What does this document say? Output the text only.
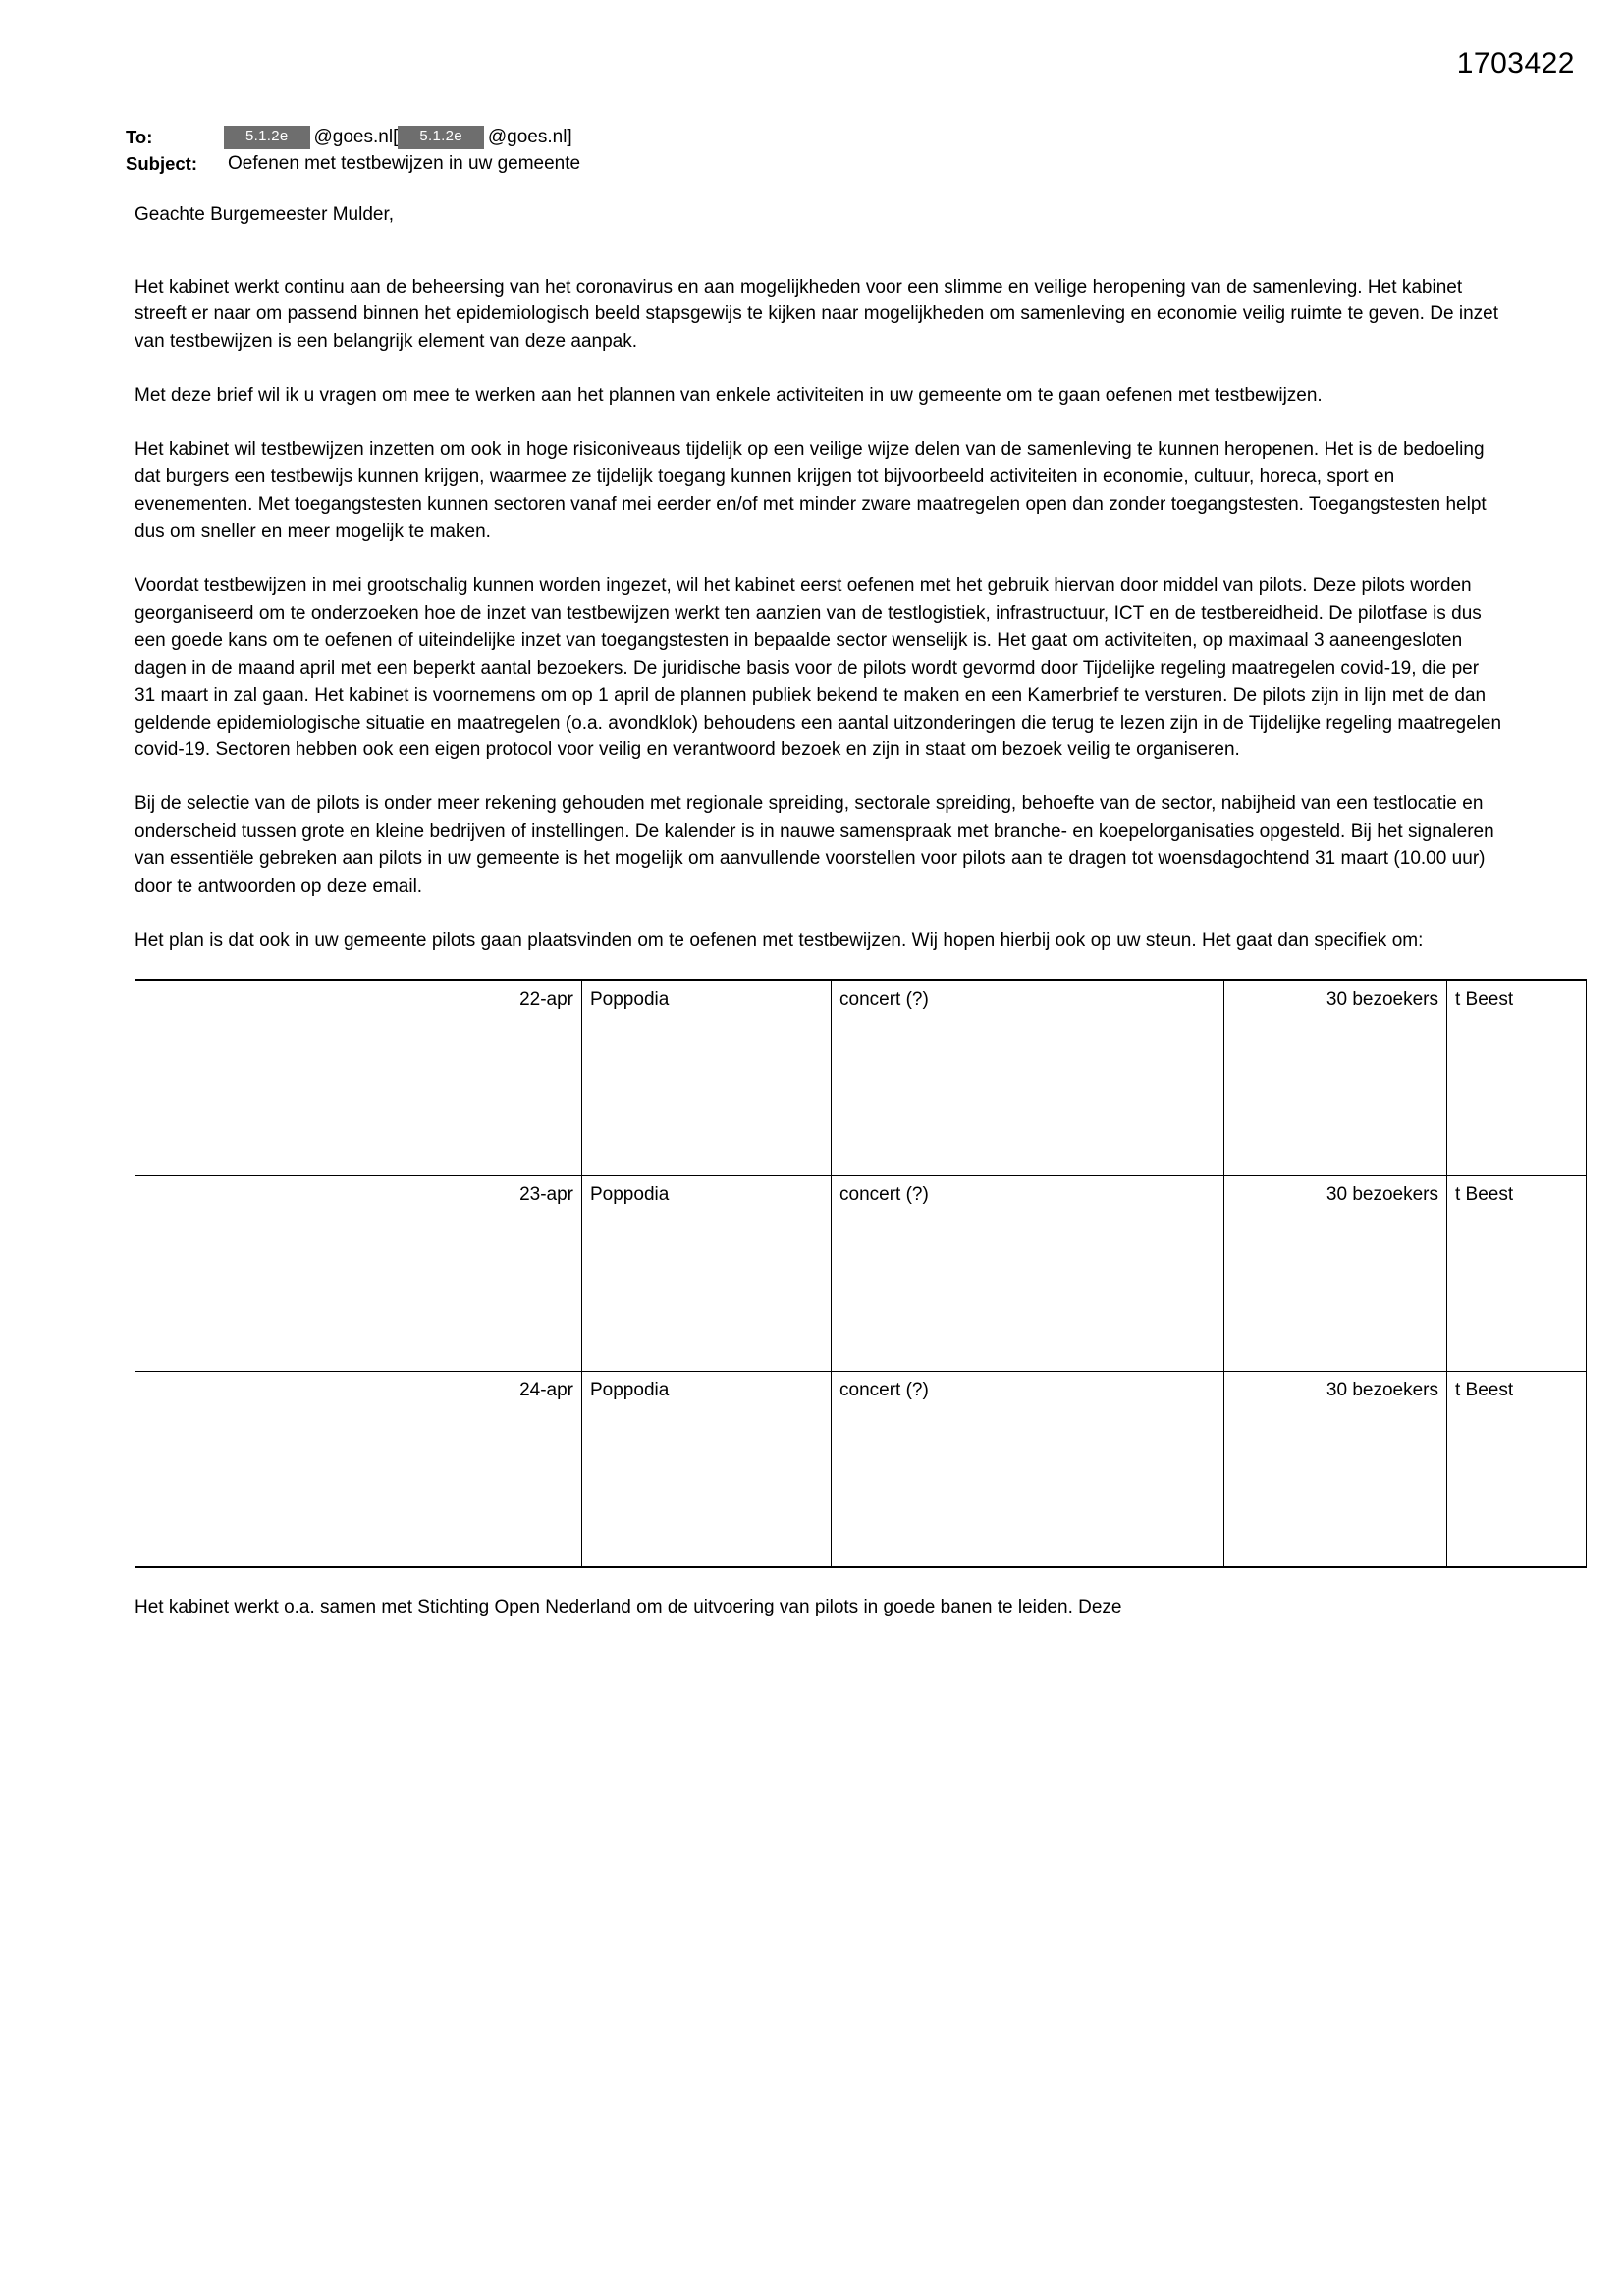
1703422
To:	5.1.2e	@goes.nl[	5.1.2e	@goes.nl]
Subject:	Oefenen met testbewijzen in uw gemeente
Geachte Burgemeester Mulder,

Het kabinet werkt continu aan de beheersing van het coronavirus en aan mogelijkheden voor een slimme en veilige heropening van de samenleving. Het kabinet streeft er naar om passend binnen het epidemiologisch beeld stapsgewijs te kijken naar mogelijkheden om samenleving en economie veilig ruimte te geven. De inzet van testbewijzen is een belangrijk element van deze aanpak.

Met deze brief wil ik u vragen om mee te werken aan het plannen van enkele activiteiten in uw gemeente om te gaan oefenen met testbewijzen.

Het kabinet wil testbewijzen inzetten om ook in hoge risiconiveaus tijdelijk op een veilige wijze delen van de samenleving te kunnen heropenen. Het is de bedoeling dat burgers een testbewijs kunnen krijgen, waarmee ze tijdelijk toegang kunnen krijgen tot bijvoorbeeld activiteiten in economie, cultuur, horeca, sport en evenementen. Met toegangstesten kunnen sectoren vanaf mei eerder en/of met minder zware maatregelen open dan zonder toegangstesten. Toegangstesten helpt dus om sneller en meer mogelijk te maken.

Voordat testbewijzen in mei grootschalig kunnen worden ingezet, wil het kabinet eerst oefenen met het gebruik hiervan door middel van pilots. Deze pilots worden georganiseerd om te onderzoeken hoe de inzet van testbewijzen werkt ten aanzien van de testlogistiek, infrastructuur, ICT en de testbereidheid. De pilotfase is dus een goede kans om te oefenen of uiteindelijke inzet van toegangstesten in bepaalde sector wenselijk is. Het gaat om activiteiten, op maximaal 3 aaneengesloten dagen in de maand april met een beperkt aantal bezoekers. De juridische basis voor de pilots wordt gevormd door Tijdelijke regeling maatregelen covid-19, die per 31 maart in zal gaan. Het kabinet is voornemens om op 1 april de plannen publiek bekend te maken en een Kamerbrief te versturen. De pilots zijn in lijn met de dan geldende epidemiologische situatie en maatregelen (o.a. avondklok) behoudens een aantal uitzonderingen die terug te lezen zijn in de Tijdelijke regeling maatregelen covid-19. Sectoren hebben ook een eigen protocol voor veilig en verantwoord bezoek en zijn in staat om bezoek veilig te organiseren.

Bij de selectie van de pilots is onder meer rekening gehouden met regionale spreiding, sectorale spreiding, behoefte van de sector, nabijheid van een testlocatie en onderscheid tussen grote en kleine bedrijven of instellingen. De kalender is in nauwe samenspraak met branche- en koepelorganisaties opgesteld. Bij het signaleren van essentiële gebreken aan pilots in uw gemeente is het mogelijk om aanvullende voorstellen voor pilots aan te dragen tot woensdagochtend 31 maart (10.00 uur) door te antwoorden op deze email.

Het plan is dat ook in uw gemeente pilots gaan plaatsvinden om te oefenen met testbewijzen. Wij hopen hierbij ook op uw steun. Het gaat dan specifiek om:

22-apr	Poppodia	concert (?)	30 bezoekers	t Beest
23-apr	Poppodia	concert (?)	30 bezoekers	t Beest
24-apr	Poppodia	concert (?)	30 bezoekers	t Beest
Het kabinet werkt o.a. samen met Stichting Open Nederland om de uitvoering van pilots in goede banen te leiden. Deze
